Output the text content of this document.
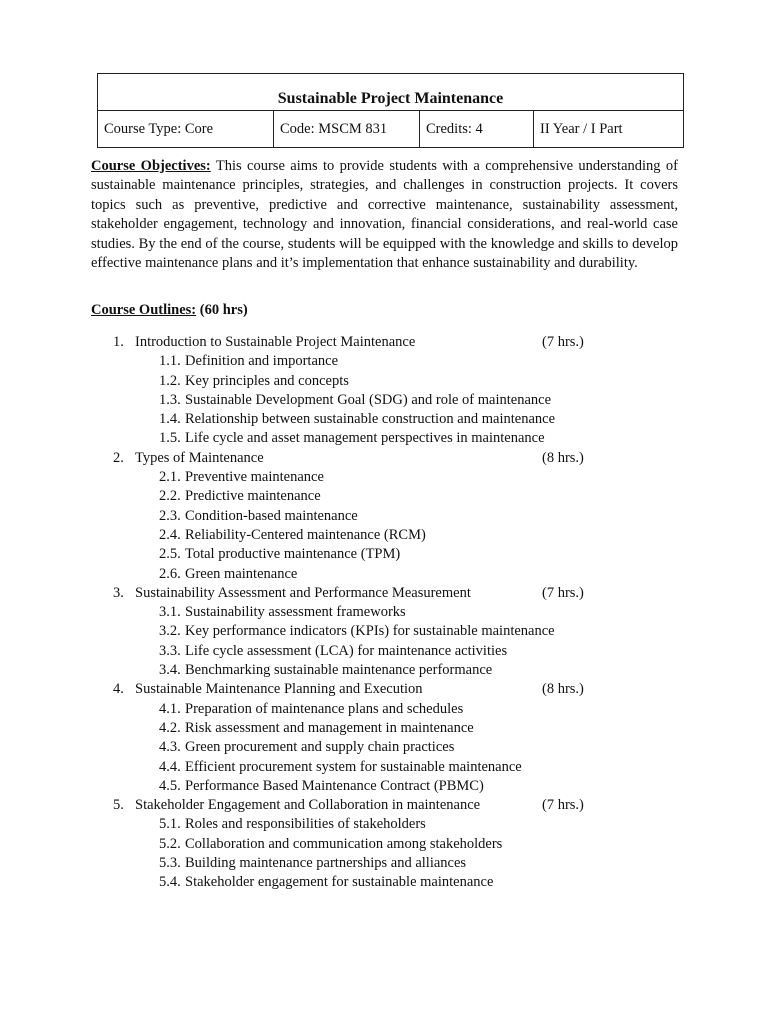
Sustainable Project Maintenance
Course Type: Core	Code: MSCM 831	Credits: 4	II Year / I Part

Course Objectives: This course aims to provide students with a comprehensive understanding of sustainable maintenance principles, strategies, and challenges in construction projects. It covers topics such as preventive, predictive and corrective maintenance, sustainability assessment, stakeholder engagement, technology and innovation, financial considerations, and real-world case studies. By the end of the course, students will be equipped with the knowledge and skills to develop effective maintenance plans and it’s implementation that enhance sustainability and durability.

Course Outlines: (60 hrs)
1. Introduction to Sustainable Project Maintenance	(7 hrs.)
1.1. Definition and importance
1.2. Key principles and concepts
1.3. Sustainable Development Goal (SDG) and role of maintenance
1.4. Relationship between sustainable construction and maintenance
1.5. Life cycle and asset management perspectives in maintenance
2. Types of Maintenance	(8 hrs.)
2.1. Preventive maintenance
2.2. Predictive maintenance
2.3. Condition-based maintenance
2.4. Reliability-Centered maintenance (RCM)
2.5. Total productive maintenance (TPM)
2.6. Green maintenance
3. Sustainability Assessment and Performance Measurement	(7 hrs.)
3.1. Sustainability assessment frameworks
3.2. Key performance indicators (KPIs) for sustainable maintenance
3.3. Life cycle assessment (LCA) for maintenance activities
3.4. Benchmarking sustainable maintenance performance
4. Sustainable Maintenance Planning and Execution	(8 hrs.)
4.1. Preparation of maintenance plans and schedules
4.2. Risk assessment and management in maintenance
4.3. Green procurement and supply chain practices
4.4. Efficient procurement system for sustainable maintenance
4.5. Performance Based Maintenance Contract (PBMC)
5. Stakeholder Engagement and Collaboration in maintenance	(7 hrs.)
5.1. Roles and responsibilities of stakeholders
5.2. Collaboration and communication among stakeholders
5.3. Building maintenance partnerships and alliances
5.4. Stakeholder engagement for sustainable maintenance
